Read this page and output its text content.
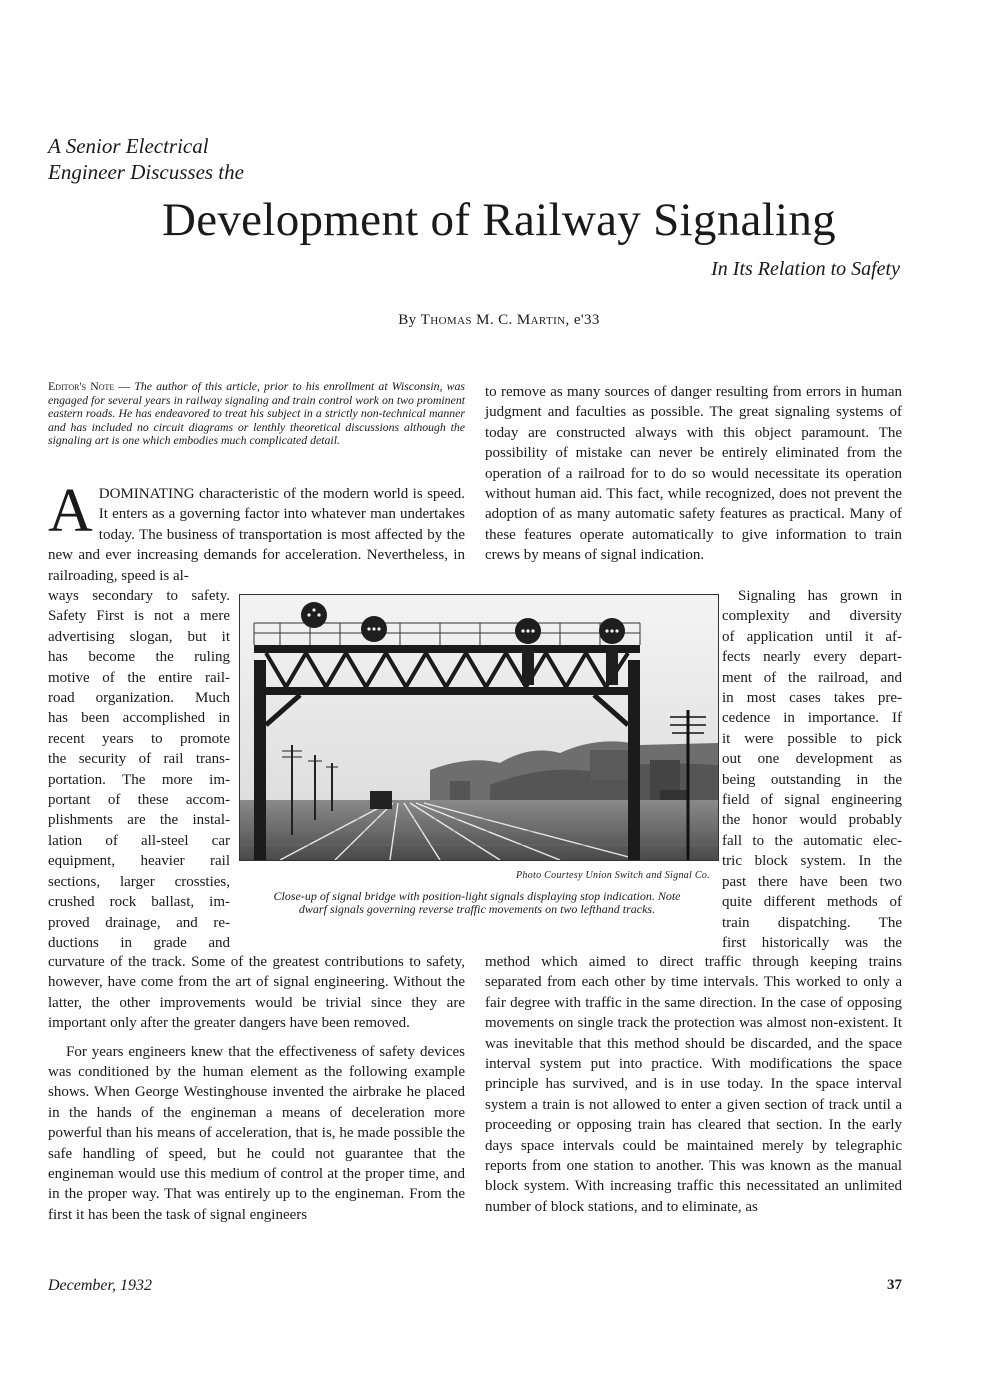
A Senior Electrical
Engineer Discusses the
Development of Railway Signaling
In Its Relation to Safety
By Thomas M. C. Martin, e'33
Editor's Note — The author of this article, prior to his enrollment at Wisconsin, was engaged for several years in railway signaling and train control work on two prominent eastern roads. He has endeavored to treat his subject in a strictly non-technical manner and has included no circuit diagrams or lenthly theoretical discussions although the signaling art is one which embodies much complicated detail.
A DOMINATING characteristic of the modern world is speed. It enters as a governing factor into whatever man undertakes today. The business of transportation is most affected by the new and ever increasing demands for acceleration. Nevertheless, in railroading, speed is al-
ways secondary to safety.
Safety First is not a mere
advertising slogan, but it
has become the ruling
motive of the entire rail-
road organization. Much
has been accomplished in
recent years to promote
the security of rail trans-
portation. The more im-
portant of these accom-
plishments are the instal-
lation of all-steel car
equipment, heavier rail
sections, larger crossties,
crushed rock ballast, im-
proved drainage, and re-
ductions in grade and

curvature of the track. Some of the greatest contributions to safety, however, have come from the art of signal engineering. Without the latter, the other improvements would be trivial since they are important only after the greater dangers have been removed.

For years engineers knew that the effectiveness of safety devices was conditioned by the human element as the following example shows. When George Westinghouse invented the airbrake he placed in the hands of the engineman a means of deceleration more powerful than his means of acceleration, that is, he made possible the safe handling of speed, but he could not guarantee that the engineman would use this medium of control at the proper time, and in the proper way. That was entirely up to the engineman. From the first it has been the task of signal engineers

to remove as many sources of danger resulting from errors in human judgment and faculties as possible. The great signaling systems of today are constructed always with this object paramount. The possibility of mistake can never be entirely eliminated from the operation of a railroad for to do so would necessitate its operation without human aid. This fact, while recognized, does not prevent the adoption of as many automatic safety features as practical. Many of these features operate automatically to give information to train crews by means of signal indication.

Signaling has grown in
complexity and diversity
of application until it af-
fects nearly every depart-
ment of the railroad, and
in most cases takes pre-
cedence in importance. If
it were possible to pick
out one development as
being outstanding in the
field of signal engineering
the honor would probably
fall to the automatic elec-
tric block system. In the
past there have been two
quite different methods of
train dispatching. The
first historically was the

method which aimed to direct traffic through keeping trains separated from each other by time intervals. This worked to only a fair degree with traffic in the same direction. In the case of opposing movements on single track the protection was almost non-existent. It was inevitable that this method should be discarded, and the space interval system put into practice. With modifications the space principle has survived, and is in use today. In the space interval system a train is not allowed to enter a given section of track until a proceeding or opposing train has cleared that section. In the early days space intervals could be maintained merely by telegraphic reports from one station to another. This was known as the manual block system. With increasing traffic this necessitated an unlimited number of block stations, and to eliminate, as

Photo Courtesy Union Switch and Signal Co.
Close-up of signal bridge with position-light signals displaying stop indication. Note dwarf signals governing reverse traffic movements on two lefthand tracks.
December, 1932	37
